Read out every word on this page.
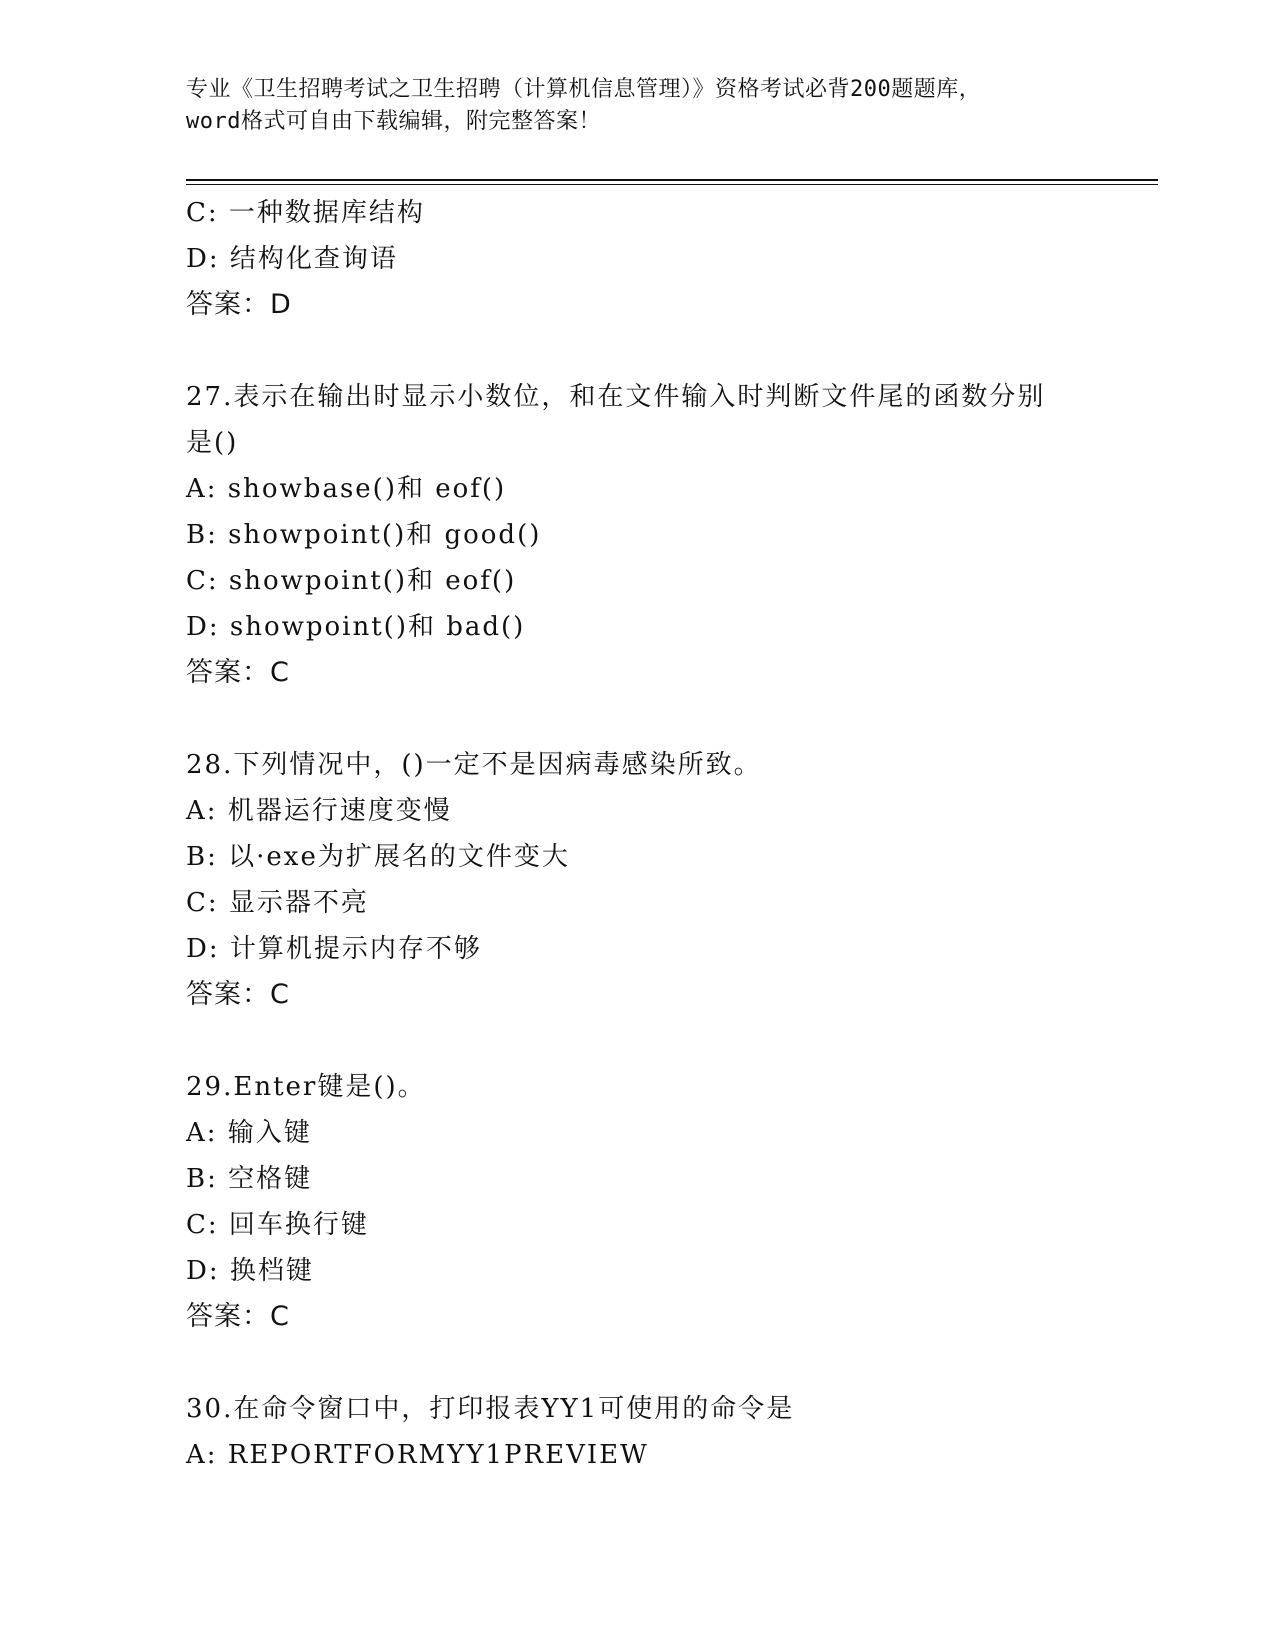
专业《卫生招聘考试之卫生招聘（计算机信息管理）》资格考试必背200题题库，
word格式可自由下载编辑，附完整答案！
C: 一种数据库结构
D: 结构化查询语
答案：D
27.表示在输出时显示小数位，和在文件输入时判断文件尾的函数分别
是()
A: showbase()和 eof()
B: showpoint()和 good()
C: showpoint()和 eof()
D: showpoint()和 bad()
答案：C
28.下列情况中，()一定不是因病毒感染所致。
A: 机器运行速度变慢
B: 以·exe为扩展名的文件变大
C: 显示器不亮
D: 计算机提示内存不够
答案：C
29.Enter键是()。
A: 输入键
B: 空格键
C: 回车换行键
D: 换档键
答案：C
30.在命令窗口中，打印报表YY1可使用的命令是
A: REPORTFORMYY1PREVIEW
